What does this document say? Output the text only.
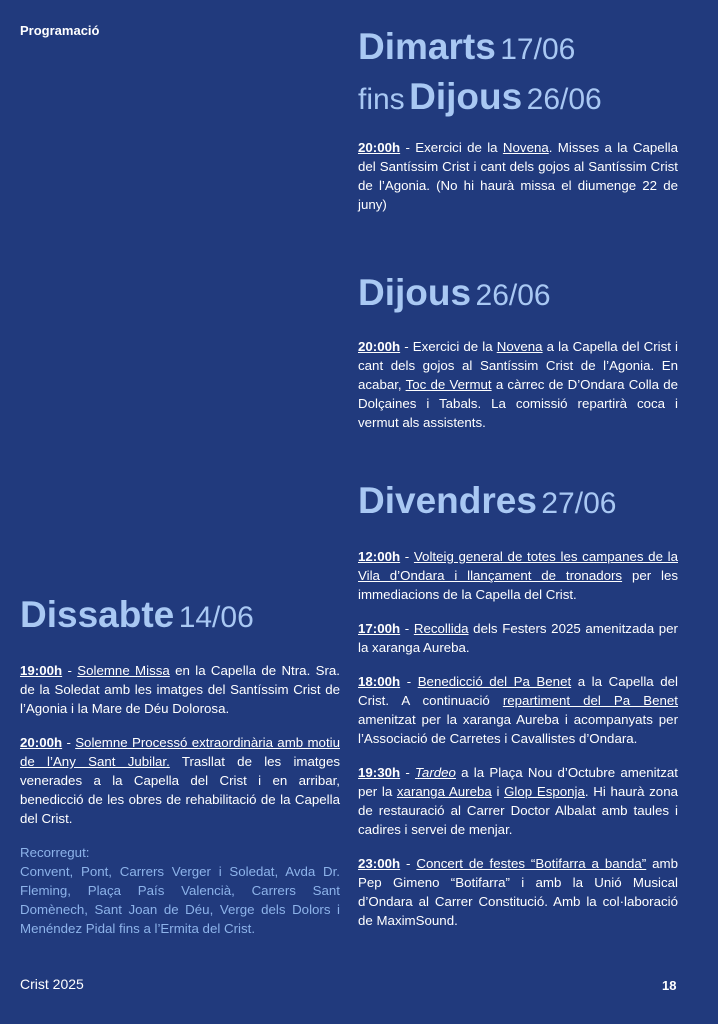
Programació
Dissabte 14/06

19:00h - Solemne Missa en la Capella de Ntra. Sra. de la Soledat amb les imatges del Santíssim Crist de l’Agonia i la Mare de Déu Dolorosa.

20:00h - Solemne Processó extraordinària amb motiu de l’Any Sant Jubilar. Trasllat de les imatges venerades a la Capella del Crist i en arribar, benedicció de les obres de rehabilitació de la Capella del Crist.

Recorregut:
Convent, Pont, Carrers Verger i Soledat, Avda Dr. Fleming, Plaça País Valencià, Carrers Sant Domènech, Sant Joan de Déu, Verge dels Dolors i Menéndez Pidal fins a l’Ermita del Crist.
Dimarts 17/06
fins Dijous 26/06

20:00h - Exercici de la Novena. Misses a la Capella del Santíssim Crist i cant dels gojos al Santíssim Crist de l’Agonia. (No hi haurà missa el diumenge 22 de juny)

Dijous 26/06

20:00h - Exercici de la Novena a la Capella del Crist i cant dels gojos al Santíssim Crist de l’Agonia. En acabar, Toc de Vermut a càrrec de D’Ondara Colla de Dolçaines i Tabals. La comissió repartirà coca i vermut als assistents.

Divendres 27/06

12:00h - Volteig general de totes les campanes de la Vila d’Ondara i llançament de tronadors per les immediacions de la Capella del Crist.

17:00h - Recollida dels Festers 2025 amenitzada per la xaranga Aureba.

18:00h - Benedicció del Pa Benet a la Capella del Crist. A continuació repartiment del Pa Benet amenitzat per la xaranga Aureba i acompanyats per l’Associació de Carretes i Cavallistes d’Ondara.

19:30h - Tardeo a la Plaça Nou d’Octubre amenitzat per la xaranga Aureba i Glop Esponja. Hi haurà zona de restauració al Carrer Doctor Albalat amb taules i cadires i servei de menjar.

23:00h - Concert de festes “Botifarra a banda” amb Pep Gimeno “Botifarra” i amb la Unió Musical d’Ondara al Carrer Constitució. Amb la col·laboració de MaximSound.

Crist 2025	18
